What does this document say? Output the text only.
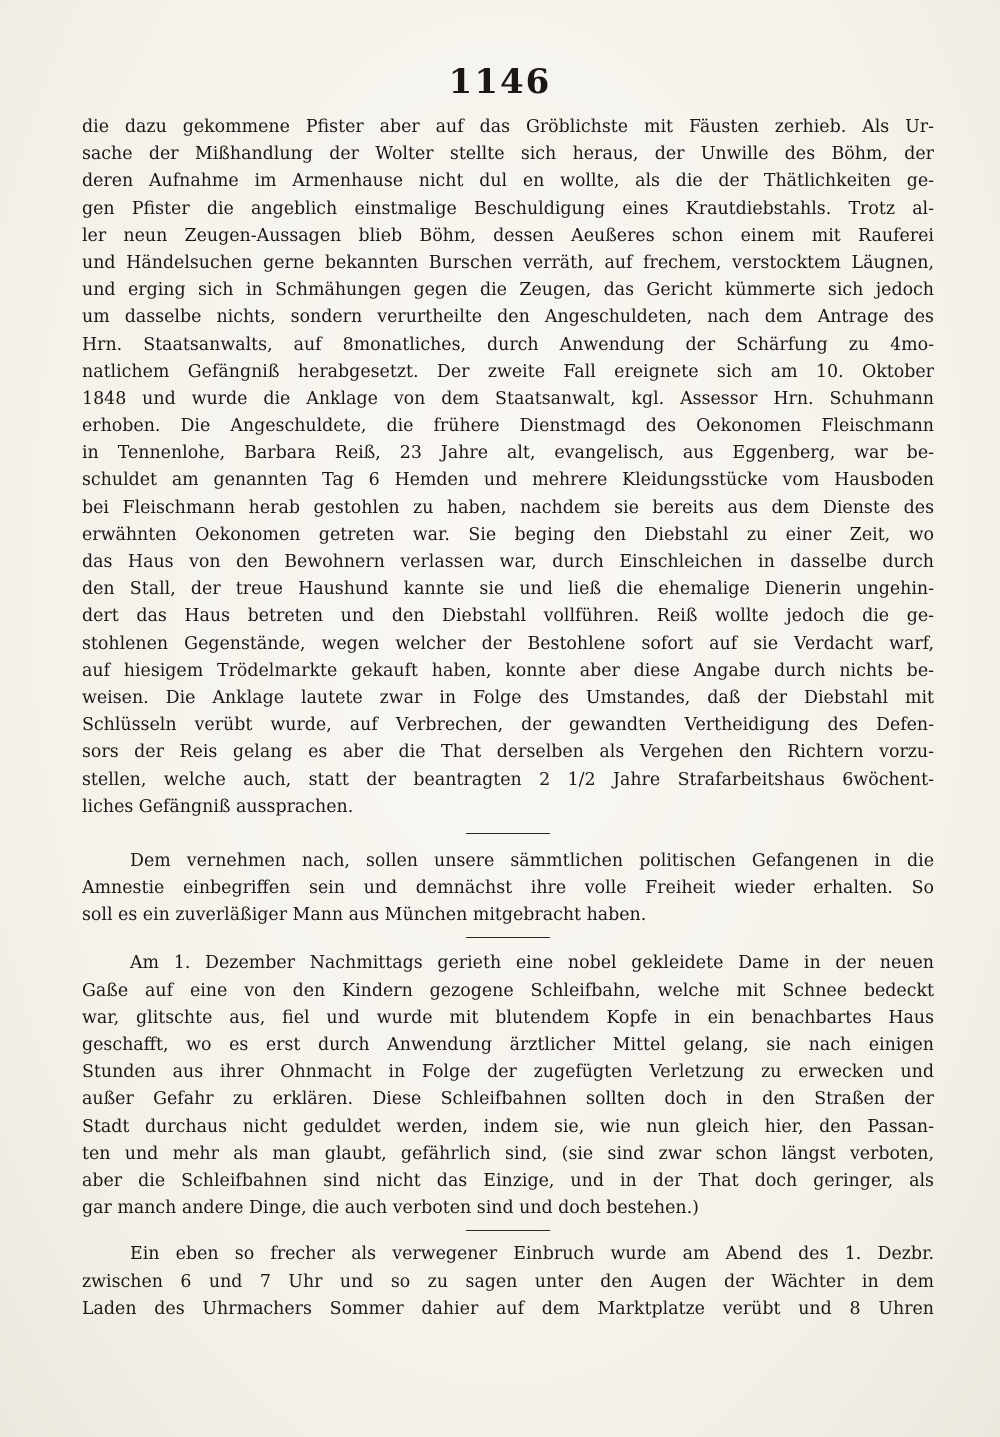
1146
die dazu gekommene Pfister aber auf das Gröblichste mit Fäusten zerhieb. Als Ur-
sache der Mißhandlung der Wolter stellte sich heraus, der Unwille des Böhm, der
deren Aufnahme im Armenhause nicht dul en wollte, als die der Thätlichkeiten ge-
gen Pfister die angeblich einstmalige Beschuldigung eines Krautdiebstahls. Trotz al-
ler neun Zeugen-Aussagen blieb Böhm, dessen Aeußeres schon einem mit Rauferei
und Händelsuchen gerne bekannten Burschen verräth, auf frechem, verstocktem Läugnen,
und erging sich in Schmähungen gegen die Zeugen, das Gericht kümmerte sich jedoch
um dasselbe nichts, sondern verurtheilte den Angeschuldeten, nach dem Antrage des
Hrn. Staatsanwalts, auf 8monatliches, durch Anwendung der Schärfung zu 4mo-
natlichem Gefängniß herabgesetzt. Der zweite Fall ereignete sich am 10. Oktober
1848 und wurde die Anklage von dem Staatsanwalt, kgl. Assessor Hrn. Schuhmann
erhoben. Die Angeschuldete, die frühere Dienstmagd des Oekonomen Fleischmann
in Tennenlohe, Barbara Reiß, 23 Jahre alt, evangelisch, aus Eggenberg, war be-
schuldet am genannten Tag 6 Hemden und mehrere Kleidungsstücke vom Hausboden
bei Fleischmann herab gestohlen zu haben, nachdem sie bereits aus dem Dienste des
erwähnten Oekonomen getreten war. Sie beging den Diebstahl zu einer Zeit, wo
das Haus von den Bewohnern verlassen war, durch Einschleichen in dasselbe durch
den Stall, der treue Haushund kannte sie und ließ die ehemalige Dienerin ungehin-
dert das Haus betreten und den Diebstahl vollführen. Reiß wollte jedoch die ge-
stohlenen Gegenstände, wegen welcher der Bestohlene sofort auf sie Verdacht warf,
auf hiesigem Trödelmarkte gekauft haben, konnte aber diese Angabe durch nichts be-
weisen. Die Anklage lautete zwar in Folge des Umstandes, daß der Diebstahl mit
Schlüsseln verübt wurde, auf Verbrechen, der gewandten Vertheidigung des Defen-
sors der Reis gelang es aber die That derselben als Vergehen den Richtern vorzu-
stellen, welche auch, statt der beantragten 2 1/2 Jahre Strafarbeitshaus 6wöchent-
liches Gefängniß aussprachen.
Dem vernehmen nach, sollen unsere sämmtlichen politischen Gefangenen in die
Amnestie einbegriffen sein und demnächst ihre volle Freiheit wieder erhalten. So
soll es ein zuverläßiger Mann aus München mitgebracht haben.
Am 1. Dezember Nachmittags gerieth eine nobel gekleidete Dame in der neuen
Gaße auf eine von den Kindern gezogene Schleifbahn, welche mit Schnee bedeckt
war, glitschte aus, fiel und wurde mit blutendem Kopfe in ein benachbartes Haus
geschafft, wo es erst durch Anwendung ärztlicher Mittel gelang, sie nach einigen
Stunden aus ihrer Ohnmacht in Folge der zugefügten Verletzung zu erwecken und
außer Gefahr zu erklären. Diese Schleifbahnen sollten doch in den Straßen der
Stadt durchaus nicht geduldet werden, indem sie, wie nun gleich hier, den Passan-
ten und mehr als man glaubt, gefährlich sind, (sie sind zwar schon längst verboten,
aber die Schleifbahnen sind nicht das Einzige, und in der That doch geringer, als
gar manch andere Dinge, die auch verboten sind und doch bestehen.)
Ein eben so frecher als verwegener Einbruch wurde am Abend des 1. Dezbr.
zwischen 6 und 7 Uhr und so zu sagen unter den Augen der Wächter in dem
Laden des Uhrmachers Sommer dahier auf dem Marktplatze verübt und 8 Uhren
